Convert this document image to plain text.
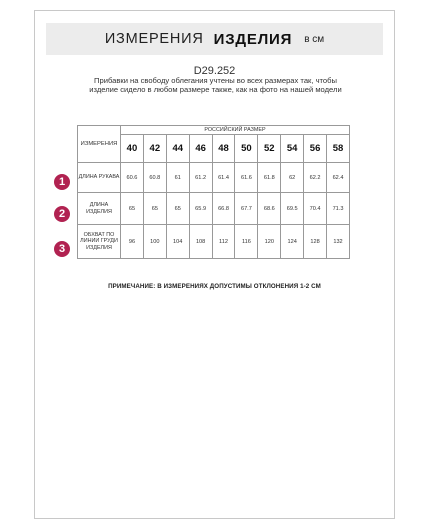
ИЗМЕРЕНИЯ ИЗДЕЛИЯ в см
D29.252
Прибавки на свободу облегания учтены во всех размерах так, чтобы изделие сидело в любом размере также, как на фото на нашей модели
ИЗМЕРЕНИЯ	РОССИЙСКИЙ РАЗМЕР									
	40	42	44	46	48	50	52	54	56	58
ДЛИНА РУКАВА	60.6	60.8	61	61.2	61.4	61.6	61.8	62	62.2	62.4
ДЛИНА ИЗДЕЛИЯ	65	65	65	65.9	66.8	67.7	68.6	69.5	70.4	71.3
ОБХВАТ ПО ЛИНИИ ГРУДИ ИЗДЕЛИЯ	96	100	104	108	112	116	120	124	128	132
1
2
3
ПРИМЕЧАНИЕ: В ИЗМЕРЕНИЯХ ДОПУСТИМЫ ОТКЛОНЕНИЯ 1-2 СМ
